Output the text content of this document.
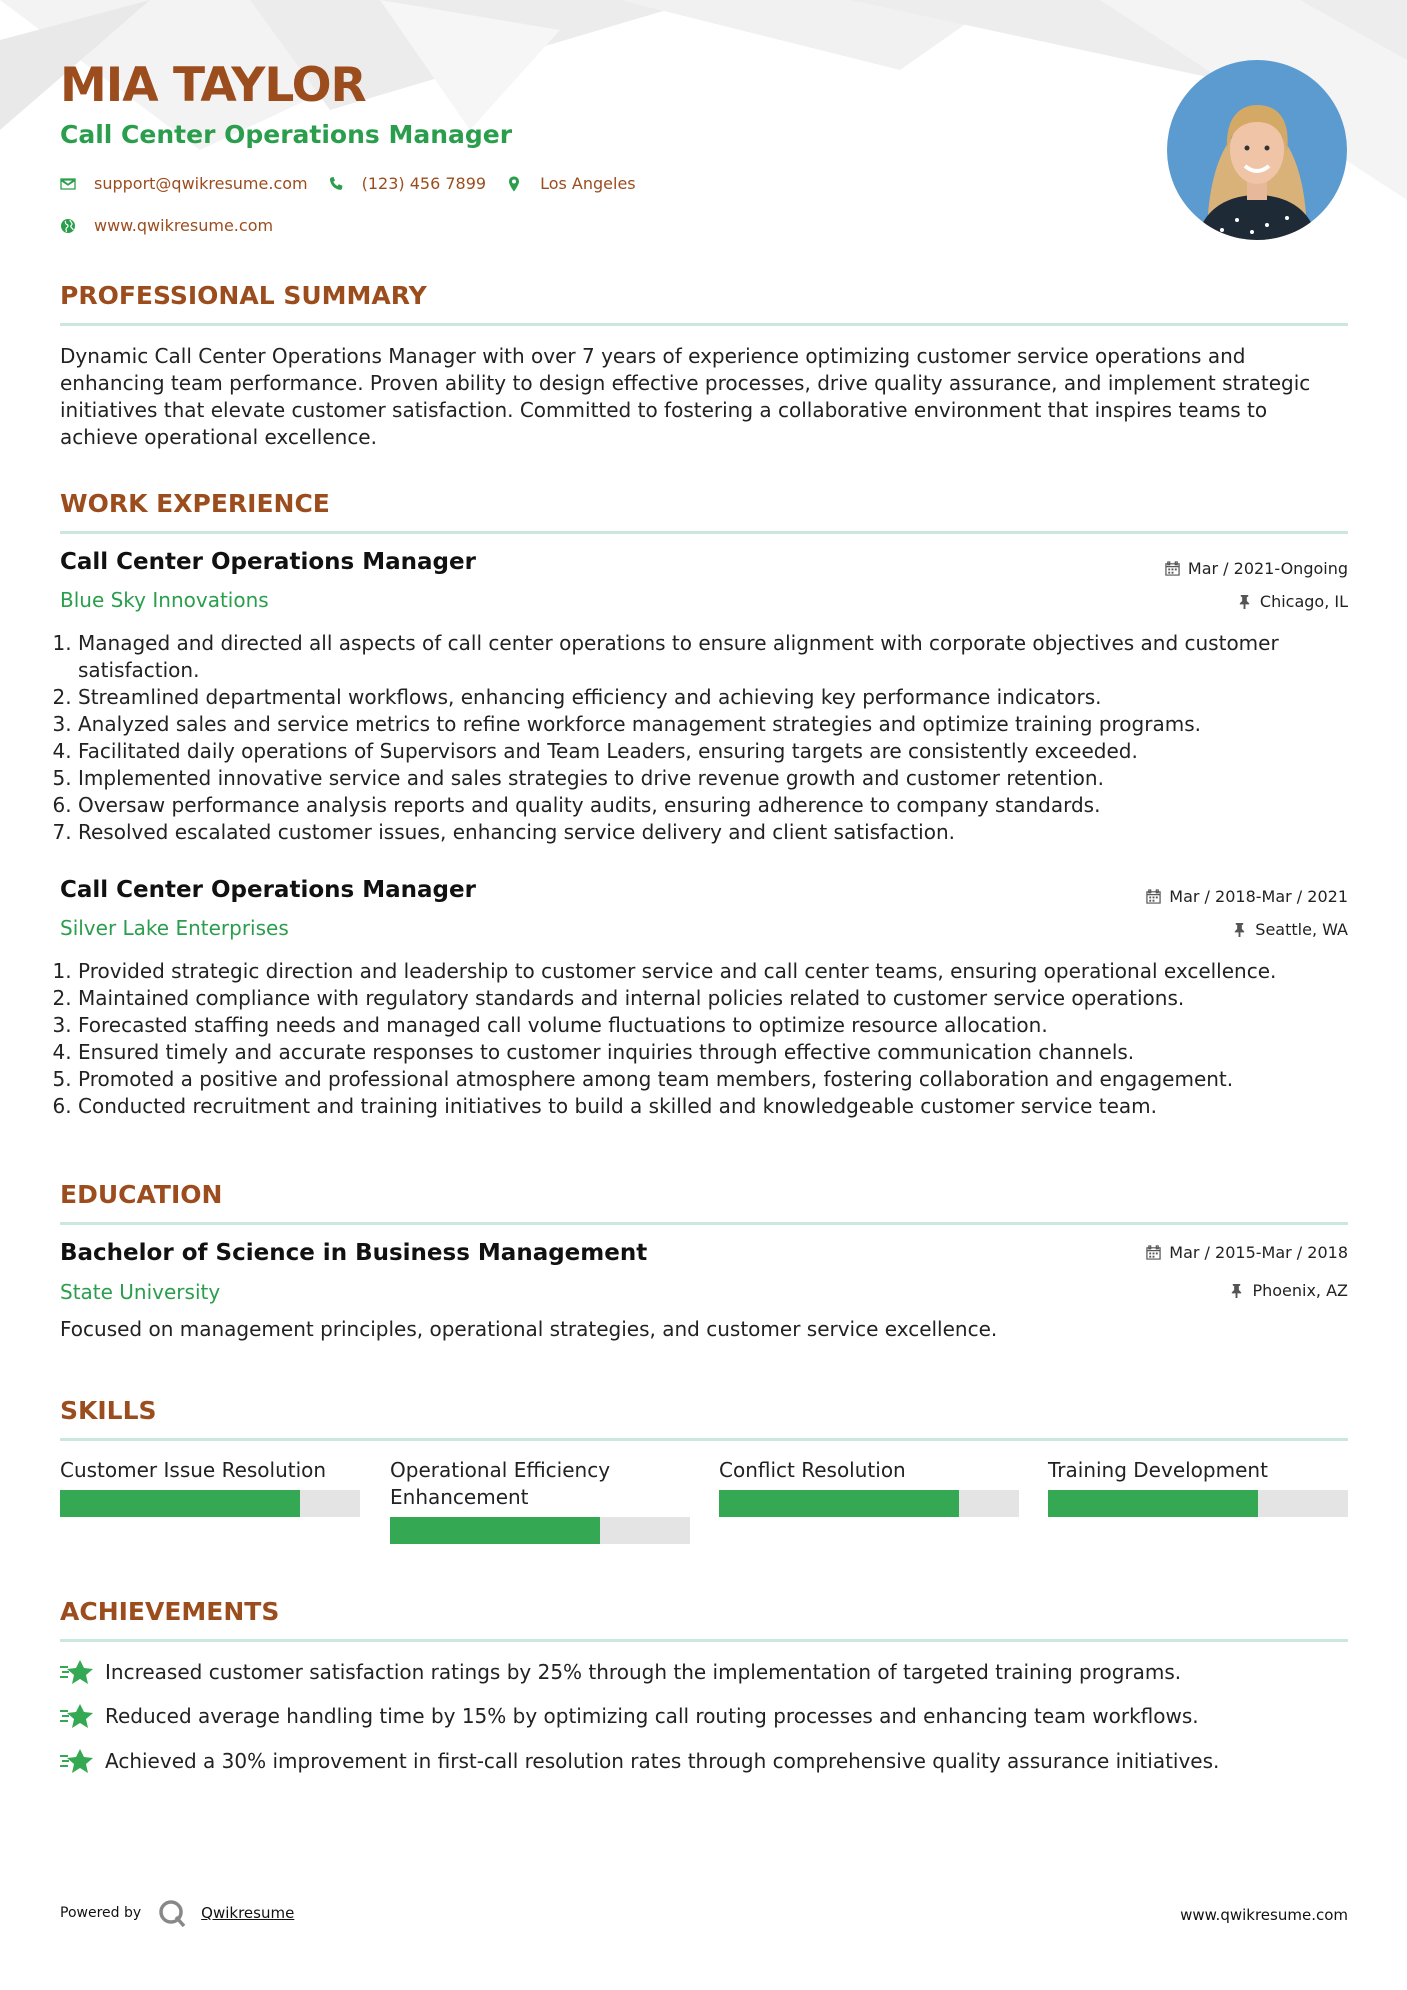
MIA TAYLOR
Call Center Operations Manager
support@qwikresume.com	(123) 456 7899	Los Angeles
www.qwikresume.com
PROFESSIONAL SUMMARY

Dynamic Call Center Operations Manager with over 7 years of experience optimizing customer service operations and enhancing team performance. Proven ability to design effective processes, drive quality assurance, and implement strategic initiatives that elevate customer satisfaction. Committed to fostering a collaborative environment that inspires teams to achieve operational excellence.

WORK EXPERIENCE
Call Center Operations Manager
Blue Sky Innovations
Mar / 2021-Ongoing
Chicago, IL
1. Managed and directed all aspects of call center operations to ensure alignment with corporate objectives and customer satisfaction.
2. Streamlined departmental workflows, enhancing efficiency and achieving key performance indicators.
3. Analyzed sales and service metrics to refine workforce management strategies and optimize training programs.
4. Facilitated daily operations of Supervisors and Team Leaders, ensuring targets are consistently exceeded.
5. Implemented innovative service and sales strategies to drive revenue growth and customer retention.
6. Oversaw performance analysis reports and quality audits, ensuring adherence to company standards.
7. Resolved escalated customer issues, enhancing service delivery and client satisfaction.
Call Center Operations Manager
Silver Lake Enterprises
Mar / 2018-Mar / 2021
Seattle, WA
1. Provided strategic direction and leadership to customer service and call center teams, ensuring operational excellence.
2. Maintained compliance with regulatory standards and internal policies related to customer service operations.
3. Forecasted staffing needs and managed call volume fluctuations to optimize resource allocation.
4. Ensured timely and accurate responses to customer inquiries through effective communication channels.
5. Promoted a positive and professional atmosphere among team members, fostering collaboration and engagement.
6. Conducted recruitment and training initiatives to build a skilled and knowledgeable customer service team.
EDUCATION
Bachelor of Science in Business Management
State University
Mar / 2015-Mar / 2018
Phoenix, AZ

Focused on management principles, operational strategies, and customer service excellence.

SKILLS
Customer Issue Resolution	Operational Efficiency Enhancement
Conflict Resolution	Training Development
ACHIEVEMENTS
Increased customer satisfaction ratings by 25% through the implementation of targeted training programs.
Reduced average handling time by 15% by optimizing call routing processes and enhancing team workflows.
Achieved a 30% improvement in first-call resolution rates through comprehensive quality assurance initiatives.
Powered by	Qwikresume	www.qwikresume.com
